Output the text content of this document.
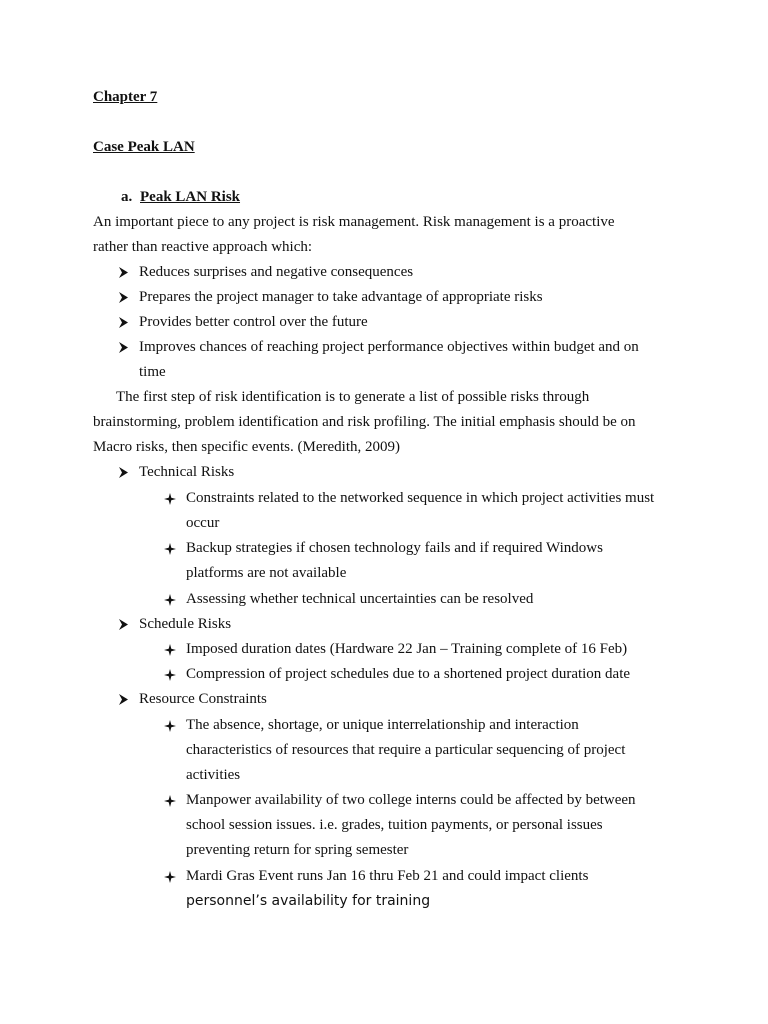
Chapter 7
Case Peak LAN
a. Peak LAN Risk
An important piece to any project is risk management. Risk management is a proactive
rather than reactive approach which:
Reduces surprises and negative consequences
Prepares the project manager to take advantage of appropriate risks
Provides better control over the future
Improves chances of reaching project performance objectives within budget and on
time
The first step of risk identification is to generate a list of possible risks through
brainstorming, problem identification and risk profiling. The initial emphasis should be on
Macro risks, then specific events. (Meredith, 2009)
Technical Risks
Constraints related to the networked sequence in which project activities must
occur
Backup strategies if chosen technology fails and if required Windows
platforms are not available
Assessing whether technical uncertainties can be resolved
Schedule Risks
Imposed duration dates (Hardware 22 Jan – Training complete of 16 Feb)
Compression of project schedules due to a shortened project duration date
Resource Constraints
The absence, shortage, or unique interrelationship and interaction
characteristics of resources that require a particular sequencing of project
activities
Manpower availability of two college interns could be affected by between
school session issues. i.e. grades, tuition payments, or personal issues
preventing return for spring semester
Mardi Gras Event runs Jan 16 thru Feb 21 and could impact clients
personnel’s availability for training
